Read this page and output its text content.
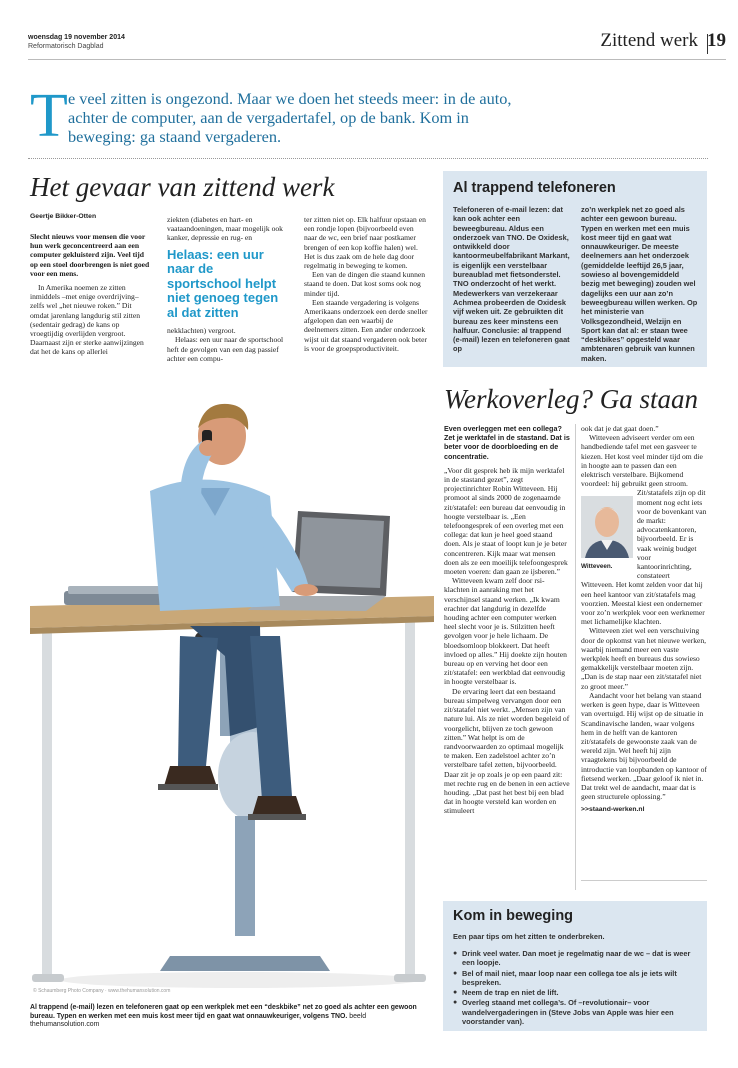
woensdag 19 november 2014
Reformatorisch Dagblad	Zittend werk 19
T e veel zitten is ongezond. Maar we doen het steeds meer: in de auto, achter de computer, aan de vergadertafel, op de bank. Kom in beweging: ga staand vergaderen.
Het gevaar van zittend werk
Geertje Bikker-Otten

Slecht nieuws voor mensen die voor hun werk geconcentreerd aan een computer gekluisterd zijn. Veel tijd op een stoel doorbrengen is niet goed voor een mens.

In Amerika noemen ze zitten inmiddels –met enige overdrijving– zelfs wel „het nieuwe roken.” Dit omdat jarenlang langdurig stil zitten (sedentair gedrag) de kans op vroegtijdig overlijden vergroot. Daarnaast zijn er sterke aanwijzingen dat het de kans op allerlei

ziekten (diabetes en hart- en vaataandoeningen, maar mogelijk ook kanker, depressie en rug- en

Helaas: een uur naar de sportschool helpt niet genoeg tegen al dat zitten

nekklachten) vergroot.

Helaas: een uur naar de sportschool heft de gevolgen van een dag passief achter een compu-

ter zitten niet op. Elk halfuur opstaan en een rondje lopen (bijvoorbeeld even naar de wc, een brief naar postkamer brengen of een kop koffie halen) wel. Het is dus zaak om de hele dag door regelmatig in beweging te komen.

Een van de dingen die staand kunnen staand te doen. Dat kost soms ook nog minder tijd.

Een staande vergadering is volgens Amerikaans onderzoek een derde sneller afgelopen dan een waarbij de deelnemers zitten. Een ander onderzoek wijst uit dat staand vergaderen ook beter is voor de groepsproductiviteit.

Al trappend telefoneren
Telefoneren of e-mail lezen: dat kan ook achter een beweegbureau. Aldus een onderzoek van TNO. De Oxidesk, ontwikkeld door kantoormeubelfabrikant Markant, is eigenlijk een verstelbaar bureaublad met fietsonderstel. TNO onderzocht of het werkt. Medewerkers van verzekeraar Achmea probeerden de Oxidesk vijf weken uit. Ze gebruikten dit bureau zes keer minstens een halfuur. Conclusie: al trappend (e-mail) lezen en telefoneren gaat op
zo’n werkplek net zo goed als achter een gewoon bureau. Typen en werken met een muis kost meer tijd en gaat wat onnauwkeuriger. De meeste deelnemers aan het onderzoek (gemiddelde leeftijd 26,5 jaar, sowieso al bovengemiddeld bezig met beweging) zouden wel dagelijks een uur aan zo’n beweegbureau willen werken. Op het ministerie van Volksgezondheid, Welzijn en Sport kan dat al: er staan twee “deskbikes” opgesteld waar ambtenaren gebruik van kunnen maken.
Werkoverleg? Ga staan

Even overleggen met een collega? Zet je werktafel in de stastand. Dat is beter voor de doorbloeding en de concentratie.

„Voor dit gesprek heb ik mijn werktafel in de stastand gezet”, zegt projectinrichter Robin Witteveen. Hij promoot al sinds 2000 de zogenaamde zit/statafel: een bureau dat eenvoudig in hoogte verstelbaar is. „Een telefoongesprek of een overleg met een collega: dat kun je heel goed staand doen. Als je staat of loopt kun je je beter concentreren. Kijk maar wat mensen doen als ze een moeilijk telefoongesprek moeten voeren: dan gaan ze ijsberen.”

Witteveen kwam zelf door rsi-klachten in aanraking met het verschijnsel staand werken. „Ik kwam erachter dat langdurig in dezelfde houding achter een computer werken heel slecht voor je is. Stilzitten heeft gevolgen voor je hele lichaam. De bloedsomloop blokkeert. Dat heeft invloed op alles.” Hij doekte zijn houten bureau op en verving het door een zit/statafel: een werkblad dat eenvoudig in hoogte verstelbaar is.

De ervaring leert dat een bestaand bureau simpelweg vervangen door een zit/statafel niet werkt. „Mensen zijn van nature lui. Als ze niet worden begeleid of voorgelicht, blijven ze toch gewoon zitten.” Wat helpt is om de randvoorwaarden zo optimaal mogelijk te maken. Een zadelstoel achter zo’n verstelbare tafel zetten, bijvoorbeeld. Daar zit je op zoals je op een paard zit: met rechte rug en de benen in een actieve houding. „Dat past het best bij een blad dat in hoogte versteld kan worden en stimuleert

ook dat je dat gaat doen.”

Witteveen adviseert verder om een handbediende tafel met een gasveer te kiezen. Het kost veel minder tijd om die in hoogte aan te passen dan een elektrisch verstelbare. Bijkomend voordeel: hij gebruikt geen stroom.

Witteveen.

Zit/statafels zijn op dit moment nog echt iets voor de bovenkant van de markt: advocatenkantoren, bijvoorbeeld. Er is vaak weinig budget voor kantoorinrichting, constateert

Witteveen. Het komt zelden voor dat hij een heel kantoor van zit/statafels mag voorzien. Meestal kiest een ondernemer voor zo’n werkplek voor een werknemer met lichamelijke klachten.

Witteveen ziet wel een verschuiving door de opkomst van het nieuwe werken, waarbij niemand meer een vaste werkplek heeft en bureaus dus sowieso gemakkelijk verstelbaar moeten zijn. „Dan is de stap naar een zit/statafel niet zo groot meer.”

Aandacht voor het belang van staand werken is geen hype, daar is Witteveen van overtuigd. Hij wijst op de situatie in Scandinavische landen, waar volgens hem in de helft van de kantoren zit/statafels de gewoonste zaak van de wereld zijn. Wel heeft hij zijn vraagtekens bij bijvoorbeeld de introductie van loopbanden op kantoor of fietsend werken. „Daar geloof ik niet in. Dat trekt wel de aandacht, maar dat is geen structurele oplossing.”

>>staand-werken.nl
Kom in beweging
Een paar tips om het zitten te onderbreken.
● Drink veel water. Dan moet je regelmatig naar de wc – dat is weer een loopje.
● Bel of mail niet, maar loop naar een collega toe als je iets wilt bespreken.
● Neem de trap en niet de lift.
● Overleg staand met collega’s. Of –revolutionair– voor wandelvergaderingen in (Steve Jobs van Apple was hier een voorstander van).
© Schaumberg Photo Company · www.thehumansolution.com
Al trappend (e-mail) lezen en telefoneren gaat op een werkplek met een “deskbike” net zo goed als achter een gewoon bureau. Typen en werken met een muis kost meer tijd en gaat wat onnauwkeuriger, volgens TNO. beeld
thehumansolution.com
